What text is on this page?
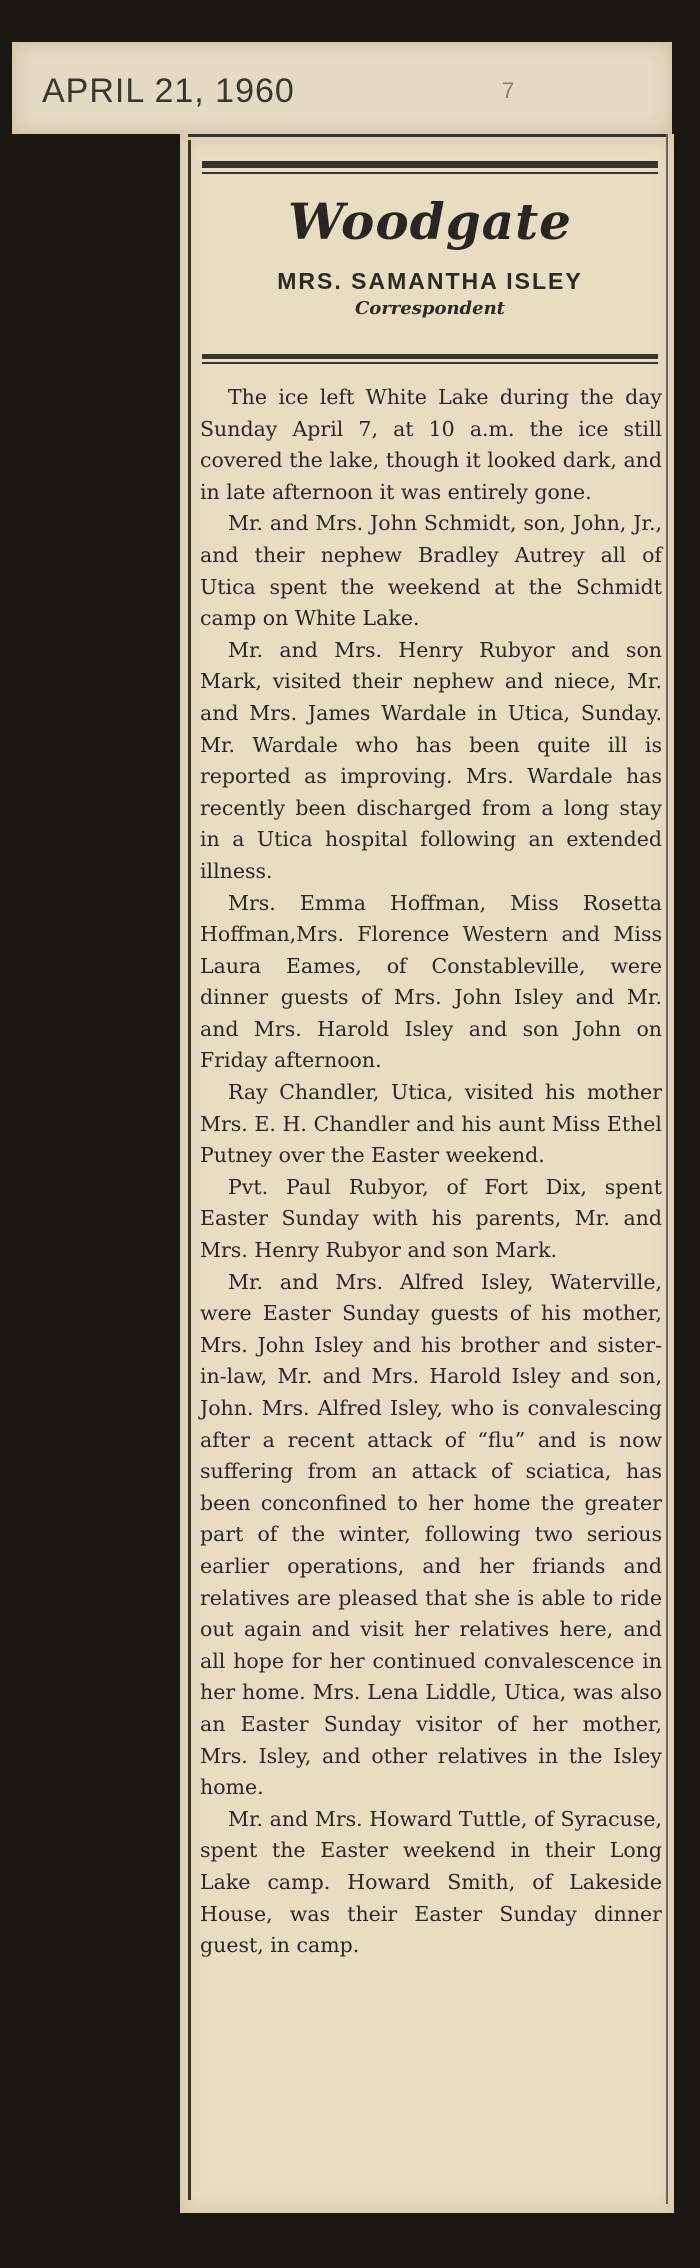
APRIL 21, 1960	7
Woodgate
MRS. SAMANTHA ISLEY
Correspondent

The ice left White Lake during the day Sunday April 7, at 10 a.m. the ice still covered the lake, though it looked dark, and in late afternoon it was entirely gone.

Mr. and Mrs. John Schmidt, son, John, Jr., and their nephew Bradley Autrey all of Utica spent the weekend at the Schmidt camp on White Lake.

Mr. and Mrs. Henry Rubyor and son Mark, visited their nephew and niece, Mr. and Mrs. James Wardale in Utica, Sunday. Mr. Wardale who has been quite ill is reported as improving. Mrs. Wardale has recently been discharged from a long stay in a Utica hospital following an extended illness.

Mrs. Emma Hoffman, Miss Rosetta Hoffman,Mrs. Florence Western and Miss Laura Eames, of Constableville, were dinner guests of Mrs. John Isley and Mr. and Mrs. Harold Isley and son John on Friday afternoon.

Ray Chandler, Utica, visited his mother Mrs. E. H. Chandler and his aunt Miss Ethel Putney over the Easter weekend.

Pvt. Paul Rubyor, of Fort Dix, spent Easter Sunday with his parents, Mr. and Mrs. Henry Rubyor and son Mark.

Mr. and Mrs. Alfred Isley, Waterville, were Easter Sunday guests of his mother, Mrs. John Isley and his brother and sister-in-law, Mr. and Mrs. Harold Isley and son, John. Mrs. Alfred Isley, who is convalescing after a recent attack of “flu” and is now suffering from an attack of sciatica, has been conconfined to her home the greater part of the winter, following two serious earlier operations, and her friands and relatives are pleased that she is able to ride out again and visit her relatives here, and all hope for her continued convalescence in her home. Mrs. Lena Liddle, Utica, was also an Easter Sunday visitor of her mother, Mrs. Isley, and other relatives in the Isley home.

Mr. and Mrs. Howard Tuttle, of Syracuse, spent the Easter weekend in their Long Lake camp. Howard Smith, of Lakeside House, was their Easter Sunday dinner guest, in camp.
